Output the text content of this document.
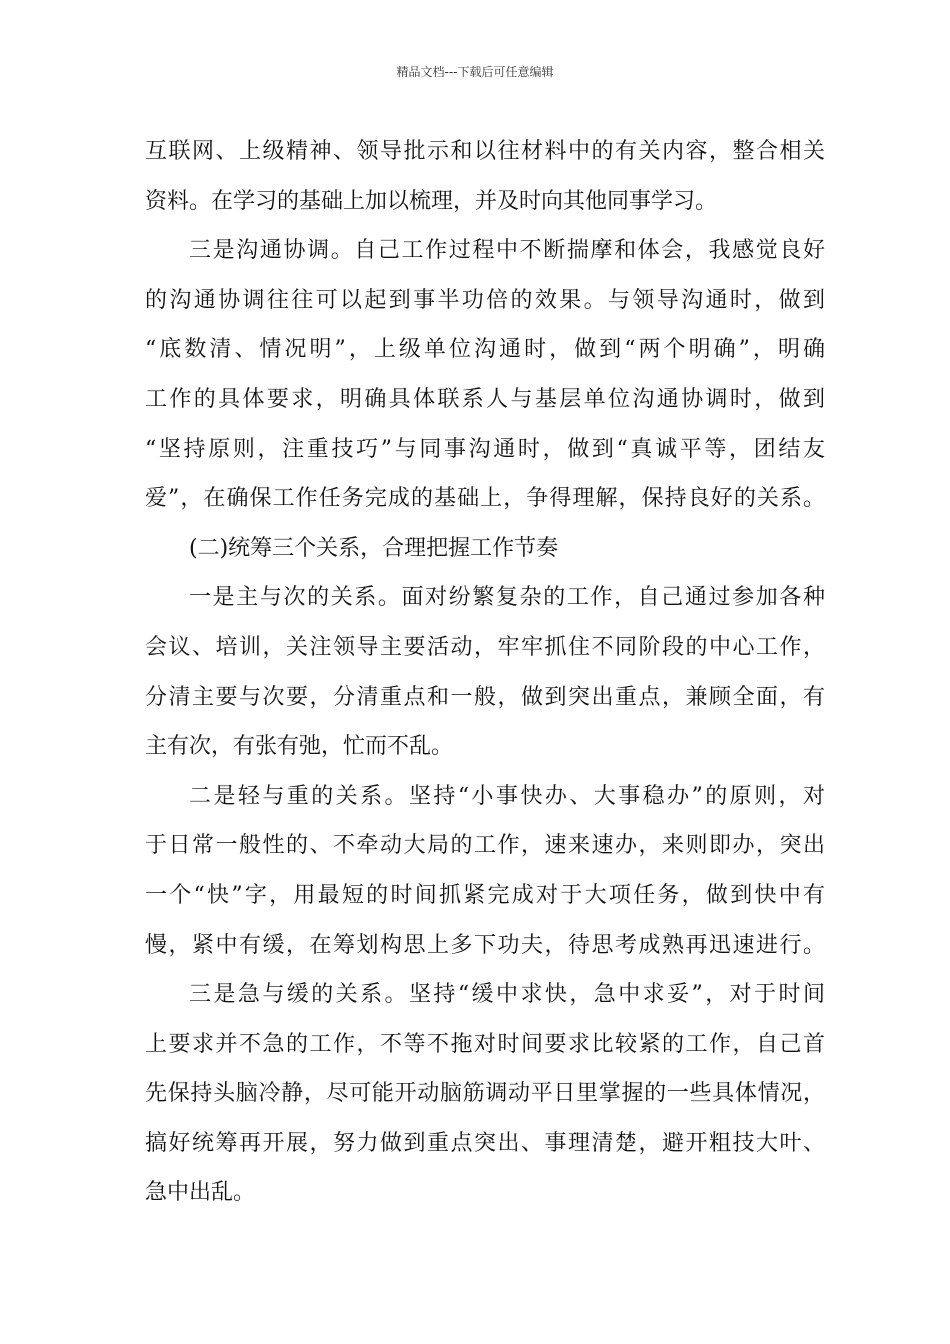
精品文档---下载后可任意编辑
互联网、上级精神、领导批示和以往材料中的有关内容，整合相关
资料。在学习的基础上加以梳理，并及时向其他同事学习。
三是沟通协调。自己工作过程中不断揣摩和体会，我感觉良好
的沟通协调往往可以起到事半功倍的效果。与领导沟通时，做到
“底数清、情况明”，上级单位沟通时，做到“两个明确”，明确
工作的具体要求，明确具体联系人与基层单位沟通协调时，做到
“坚持原则，注重技巧”与同事沟通时，做到“真诚平等，团结友
爱”，在确保工作任务完成的基础上，争得理解，保持良好的关系。
(二)统筹三个关系，合理把握工作节奏
一是主与次的关系。面对纷繁复杂的工作，自己通过参加各种
会议、培训，关注领导主要活动，牢牢抓住不同阶段的中心工作，
分清主要与次要，分清重点和一般，做到突出重点，兼顾全面，有
主有次，有张有弛，忙而不乱。
二是轻与重的关系。坚持“小事快办、大事稳办”的原则，对
于日常一般性的、不牵动大局的工作，速来速办，来则即办，突出
一个“快”字，用最短的时间抓紧完成对于大项任务，做到快中有
慢，紧中有缓，在筹划构思上多下功夫，待思考成熟再迅速进行。
三是急与缓的关系。坚持“缓中求快，急中求妥”，对于时间
上要求并不急的工作，不等不拖对时间要求比较紧的工作，自己首
先保持头脑冷静，尽可能开动脑筋调动平日里掌握的一些具体情况，
搞好统筹再开展，努力做到重点突出、事理清楚，避开粗技大叶、
急中出乱。
